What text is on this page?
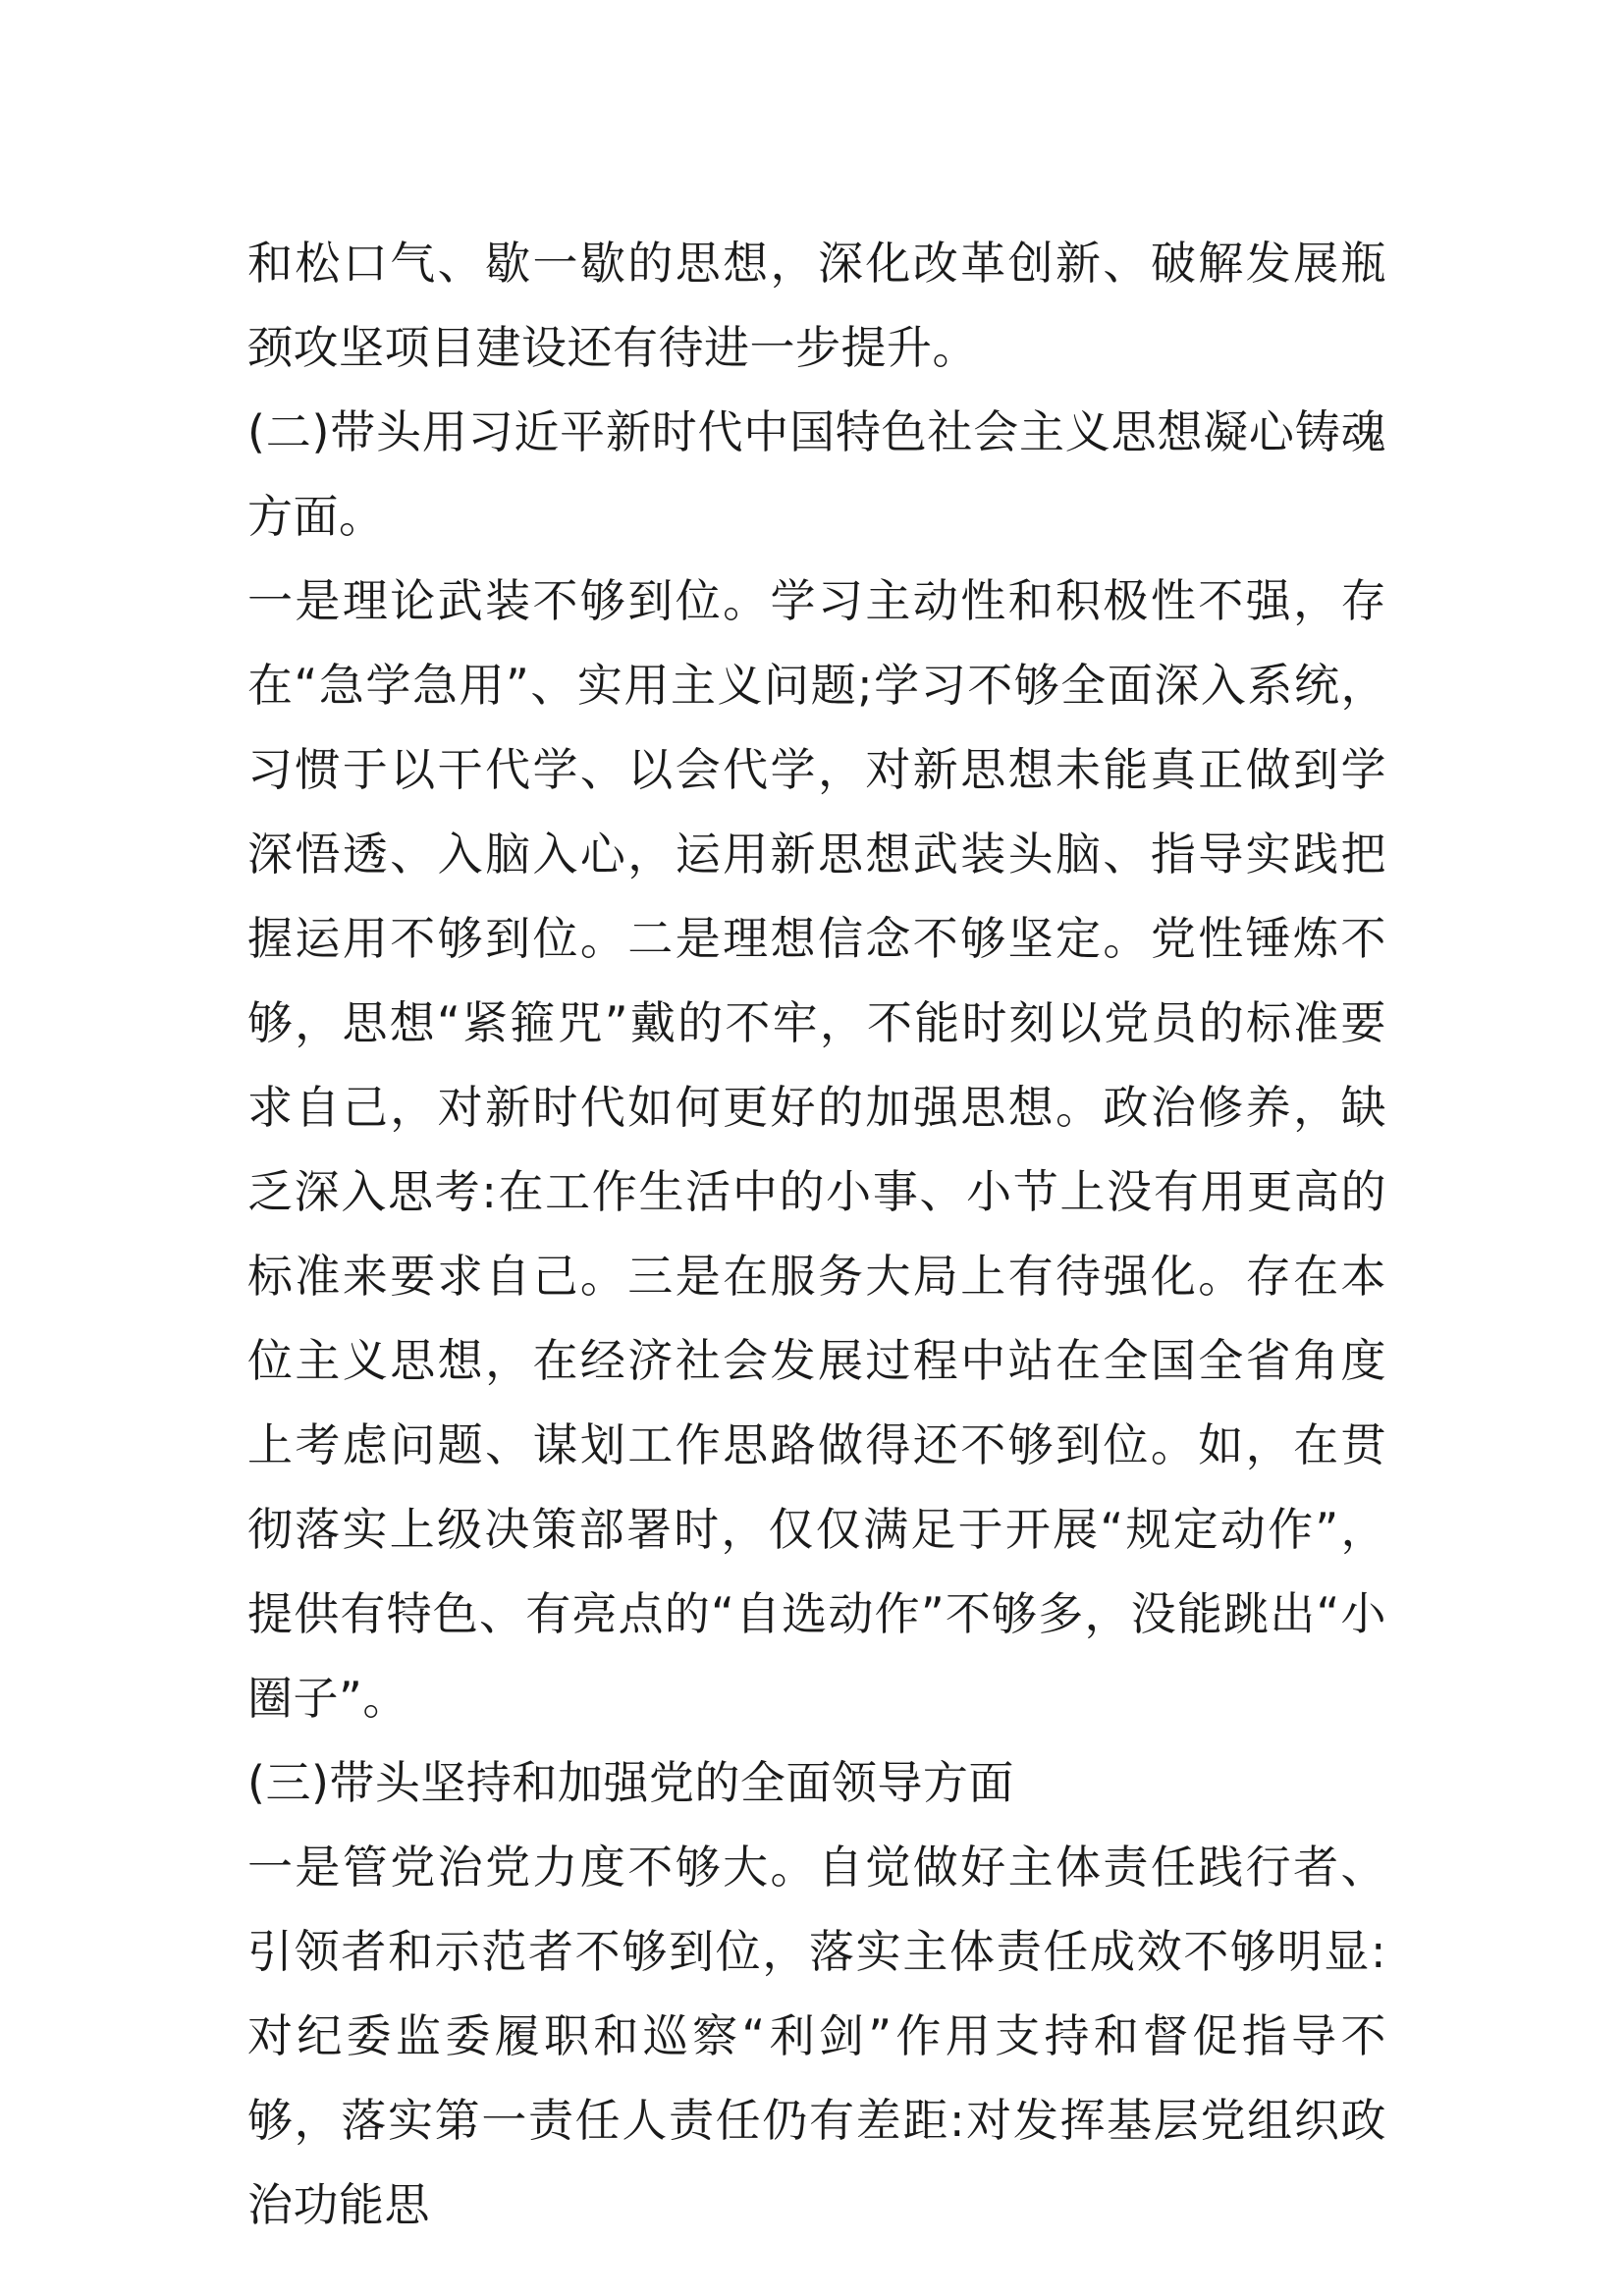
和松口气、歇一歇的思想，深化改革创新、破解发展瓶颈攻坚项目建设还有待进一步提升。

(二)带头用习近平新时代中国特色社会主义思想凝心铸魂方面。

一是理论武装不够到位。学习主动性和积极性不强，存在“急学急用”、实用主义问题;学习不够全面深入系统，习惯于以干代学、以会代学，对新思想未能真正做到学深悟透、入脑入心，运用新思想武装头脑、指导实践把握运用不够到位。二是理想信念不够坚定。党性锤炼不够，思想“紧箍咒”戴的不牢，不能时刻以党员的标准要求自己，对新时代如何更好的加强思想。政治修养，缺乏深入思考:在工作生活中的小事、小节上没有用更高的标准来要求自己。三是在服务大局上有待强化。存在本位主义思想，在经济社会发展过程中站在全国全省角度上考虑问题、谋划工作思路做得还不够到位。如，在贯彻落实上级决策部署时，仅仅满足于开展“规定动作”，提供有特色、有亮点的“自选动作”不够多，没能跳出“小圈子”。

(三)带头坚持和加强党的全面领导方面

一是管党治党力度不够大。自觉做好主体责任践行者、引领者和示范者不够到位，落实主体责任成效不够明显:对纪委监委履职和巡察“利剑”作用支持和督促指导不够，落实第一责任人责任仍有差距:对发挥基层党组织政治功能思
